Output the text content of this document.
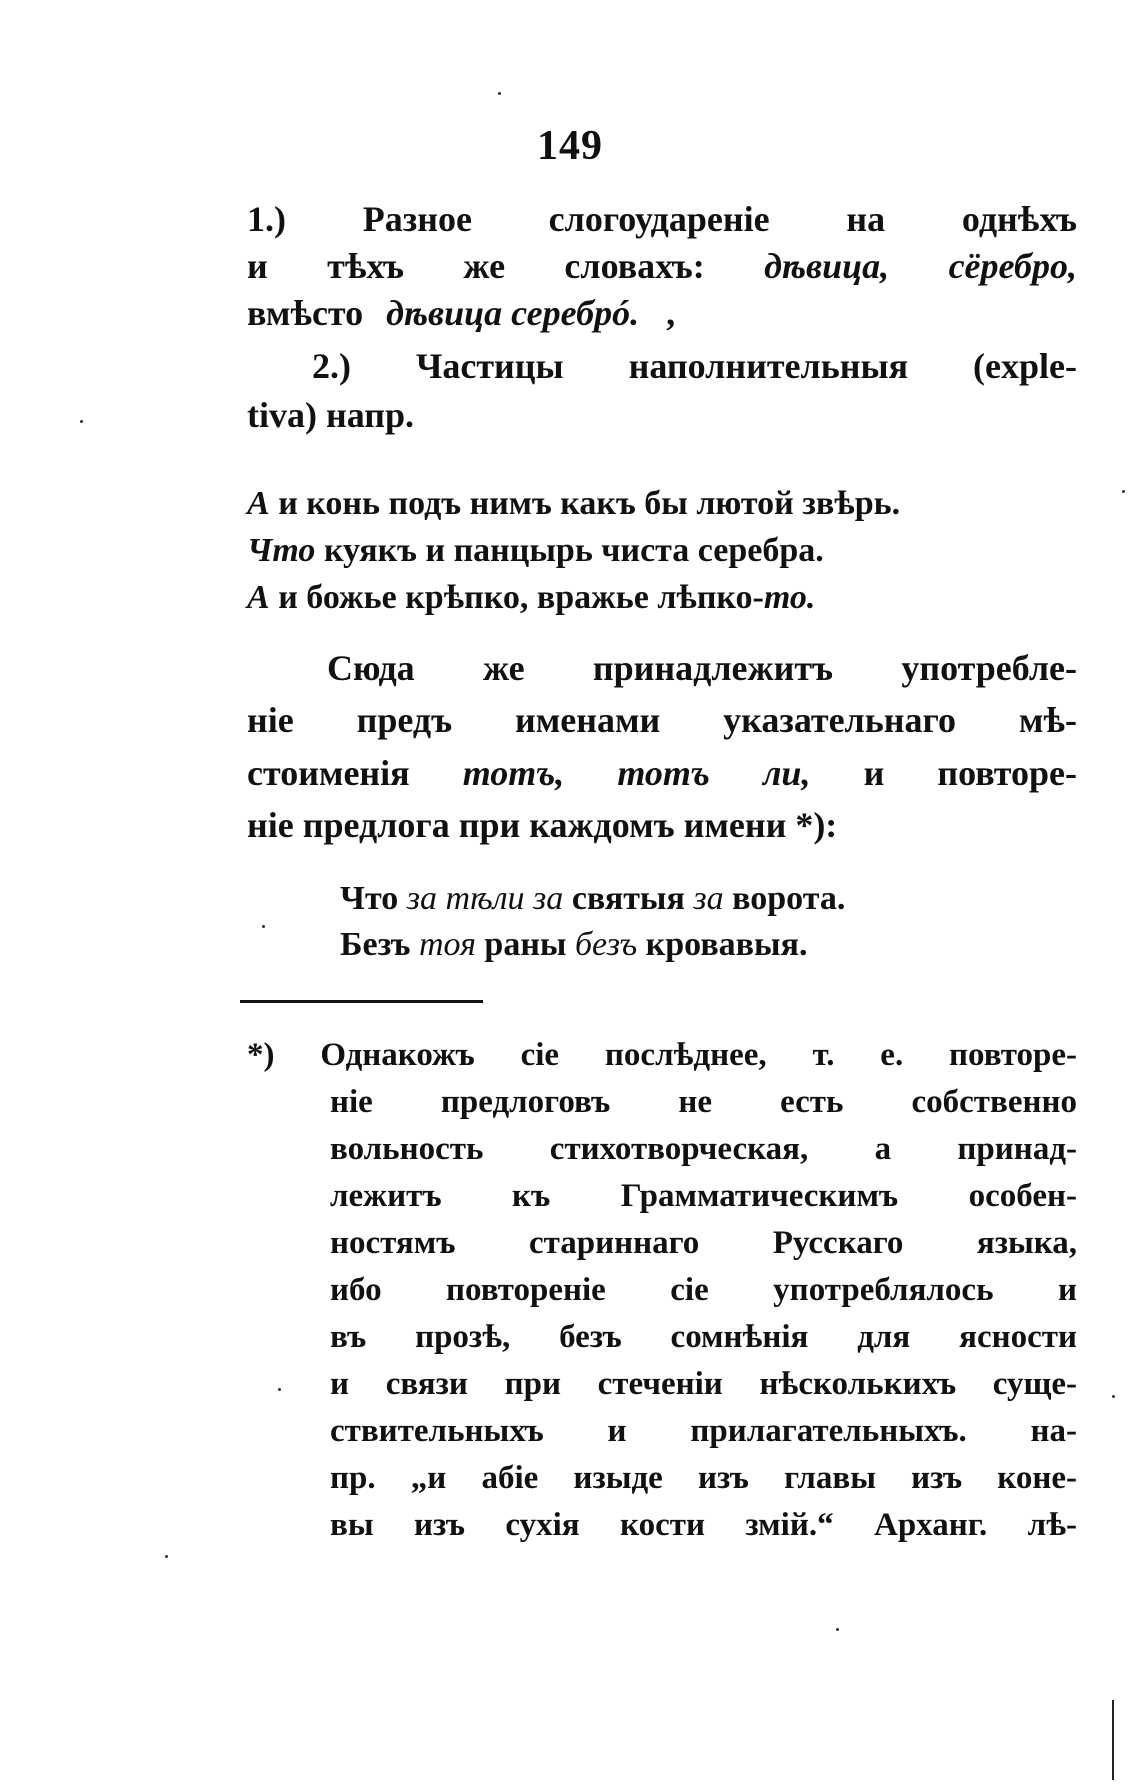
149
1.) Разное слогоудареніе на однѣхъ
и тѣхъ же словахъ: дѣвица, сёребро,
вмѣсто дѣвица серебрó. ,
2.) Частицы наполнительныя (exple-
tiva) напр.
А и конь подъ нимъ какъ бы лютой звѣрь.
Что куякъ и панцырь чиста серебра.
А и божье крѣпко, вражье лѣпко-то.
Сюда же принадлежитъ употребле-
ніе предъ именами указательнаго мѣ-
стоименія тотъ, тотъ ли, и повторе-
ніе предлога при каждомъ имени *):
Что за тѣли за святыя за ворота.
Безъ тоя раны безъ кровавыя.
*) Однакожъ сіе послѣднее, т. е. повторе-
ніе предлоговъ не есть собственно
вольность стихотворческая, а принад-
лежитъ къ Грамматическимъ особен-
ностямъ стариннаго Русскаго языка,
ибо повтореніе сіе употреблялось и
въ прозѣ, безъ сомнѣнія для ясности
и связи при стеченіи нѣсколькихъ суще-
ствительныхъ и прилагательныхъ. на-
пр. „и абіе изыде изъ главы изъ коне-
вы изъ сухія кости змій.“ Арханг. лѣ-
